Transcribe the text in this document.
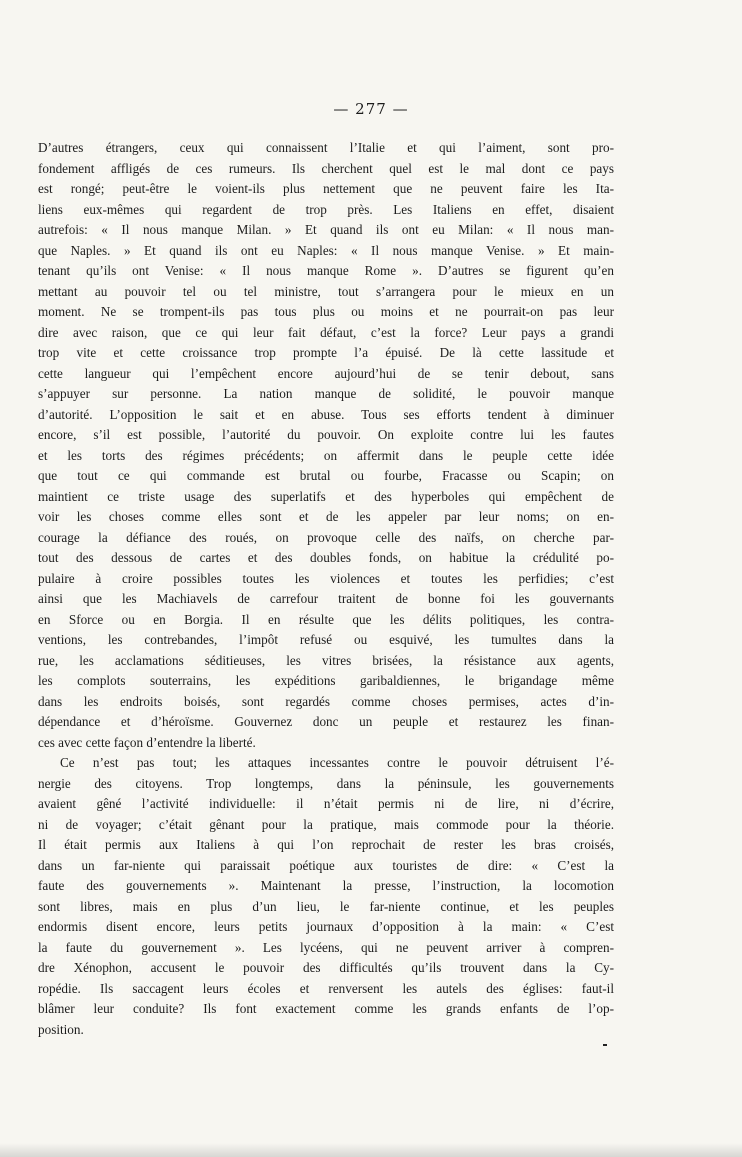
— 277 —
D’autres étrangers, ceux qui connaissent l’Italie et qui l’aiment, sont pro-
fondement affligés de ces rumeurs. Ils cherchent quel est le mal dont ce pays
est rongé; peut-être le voient-ils plus nettement que ne peuvent faire les Ita-
liens eux-mêmes qui regardent de trop près. Les Italiens en effet, disaient
autrefois: « Il nous manque Milan. » Et quand ils ont eu Milan: « Il nous man-
que Naples. » Et quand ils ont eu Naples: « Il nous manque Venise. » Et main-
tenant qu’ils ont Venise: « Il nous manque Rome ». D’autres se figurent qu’en
mettant au pouvoir tel ou tel ministre, tout s’arrangera pour le mieux en un
moment. Ne se trompent-ils pas tous plus ou moins et ne pourrait-on pas leur
dire avec raison, que ce qui leur fait défaut, c’est la force? Leur pays a grandi
trop vite et cette croissance trop prompte l’a épuisé. De là cette lassitude et
cette langueur qui l’empêchent encore aujourd’hui de se tenir debout, sans
s’appuyer sur personne. La nation manque de solidité, le pouvoir manque
d’autorité. L’opposition le sait et en abuse. Tous ses efforts tendent à diminuer
encore, s’il est possible, l’autorité du pouvoir. On exploite contre lui les fautes
et les torts des régimes précédents; on affermit dans le peuple cette idée
que tout ce qui commande est brutal ou fourbe, Fracasse ou Scapin; on
maintient ce triste usage des superlatifs et des hyperboles qui empêchent de
voir les choses comme elles sont et de les appeler par leur noms; on en-
courage la défiance des roués, on provoque celle des naïfs, on cherche par-
tout des dessous de cartes et des doubles fonds, on habitue la crédulité po-
pulaire à croire possibles toutes les violences et toutes les perfidies; c’est
ainsi que les Machiavels de carrefour traitent de bonne foi les gouvernants
en Sforce ou en Borgia. Il en résulte que les délits politiques, les contra-
ventions, les contrebandes, l’impôt refusé ou esquivé, les tumultes dans la
rue, les acclamations séditieuses, les vitres brisées, la résistance aux agents,
les complots souterrains, les expéditions garibaldiennes, le brigandage même
dans les endroits boisés, sont regardés comme choses permises, actes d’in-
dépendance et d’héroïsme. Gouvernez donc un peuple et restaurez les finan-
ces avec cette façon d’entendre la liberté.
Ce n’est pas tout; les attaques incessantes contre le pouvoir détruisent l’é-
nergie des citoyens. Trop longtemps, dans la péninsule, les gouvernements
avaient gêné l’activité individuelle: il n’était permis ni de lire, ni d’écrire,
ni de voyager; c’était gênant pour la pratique, mais commode pour la théorie.
Il était permis aux Italiens à qui l’on reprochait de rester les bras croisés,
dans un far-niente qui paraissait poétique aux touristes de dire: « C’est la
faute des gouvernements ». Maintenant la presse, l’instruction, la locomotion
sont libres, mais en plus d’un lieu, le far-niente continue, et les peuples
endormis disent encore, leurs petits journaux d’opposition à la main: « C’est
la faute du gouvernement ». Les lycéens, qui ne peuvent arriver à compren-
dre Xénophon, accusent le pouvoir des difficultés qu’ils trouvent dans la Cy-
ropédie. Ils saccagent leurs écoles et renversent les autels des églises: faut-il
blâmer leur conduite? Ils font exactement comme les grands enfants de l’op-
position.
